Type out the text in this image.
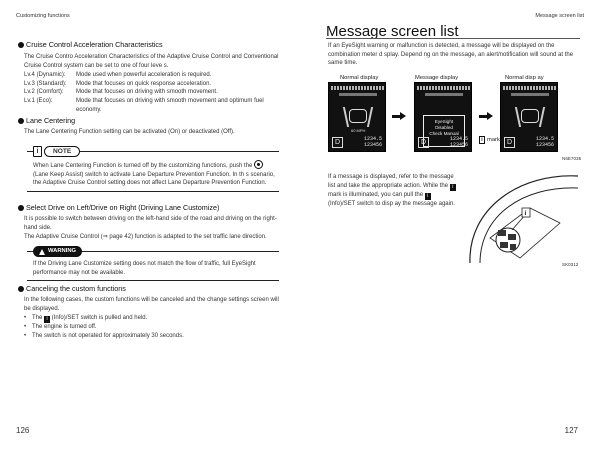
Customizing functions
Cruise Control Acceleration Characteristics
The Cruise Contro Acceleration Characteristics of the Adaptive Cruise Control and Conventional Cruise Control system can be set to one of four leve s.
Lv.4 (Dynamic):	Mode used when powerful acceleration is required.
Lv.3 (Standard):	Mode that focuses on quick response acceleration.
Lv.2 (Comfort):	Mode that focuses on driving with smooth movement.
Lv.1 (Eco):	Mode that focuses on driving with smooth movement and optimum fuel economy.
Lane Centering
The Lane Centering Function setting can be activated (On) or deactivated (Off).
i	NOTE
When Lane Centering Function is turned off by the customizing functions, push the  (Lane Keep Assist) switch to activate Lane Departure Prevention Function. In th s scenario, the Adaptive Cruise Control setting does not affect Lane Departure Prevention Function.
Select Drive on Left/Drive on Right (Driving Lane Customize)
It is possible to switch between driving on the left-hand side of the road and driving on the right-hand side.
The Adaptive Cruise Control (⇒ page 42) function is adapted to the set traffic lane direction.
WARNING
If the Driving Lane Customize setting does not match the flow of traffic, full EyeSight performance may not be available.
Canceling the custom functions
In the following cases, the custom functions will be canceled and the change settings screen will be displayed.
• The i (Info)/SET switch is pulled and held.
• The engine is turned off.
• The switch is not operated for approximately 30 seconds.
126
Message screen list
Message screen list
If an EyeSight warning or malfunction is detected, a message will be displayed on the combination meter d splay. Depend ng on the message, an alert/notification will sound at the same time.
Normal display	Message display	Normal disp ay
60 MPH
D	1234.5
123456
EyeSight
Disabled
Check Manual
D	1234.5
123456	D	1234.5
123456
i mark
N6E7035
If a message is displayed, refer to the message list and take the appropriate action. While the i mark is illuminated, you can pull the i (Info)/SET switch to disp ay the message again.
i
SK0312
127
